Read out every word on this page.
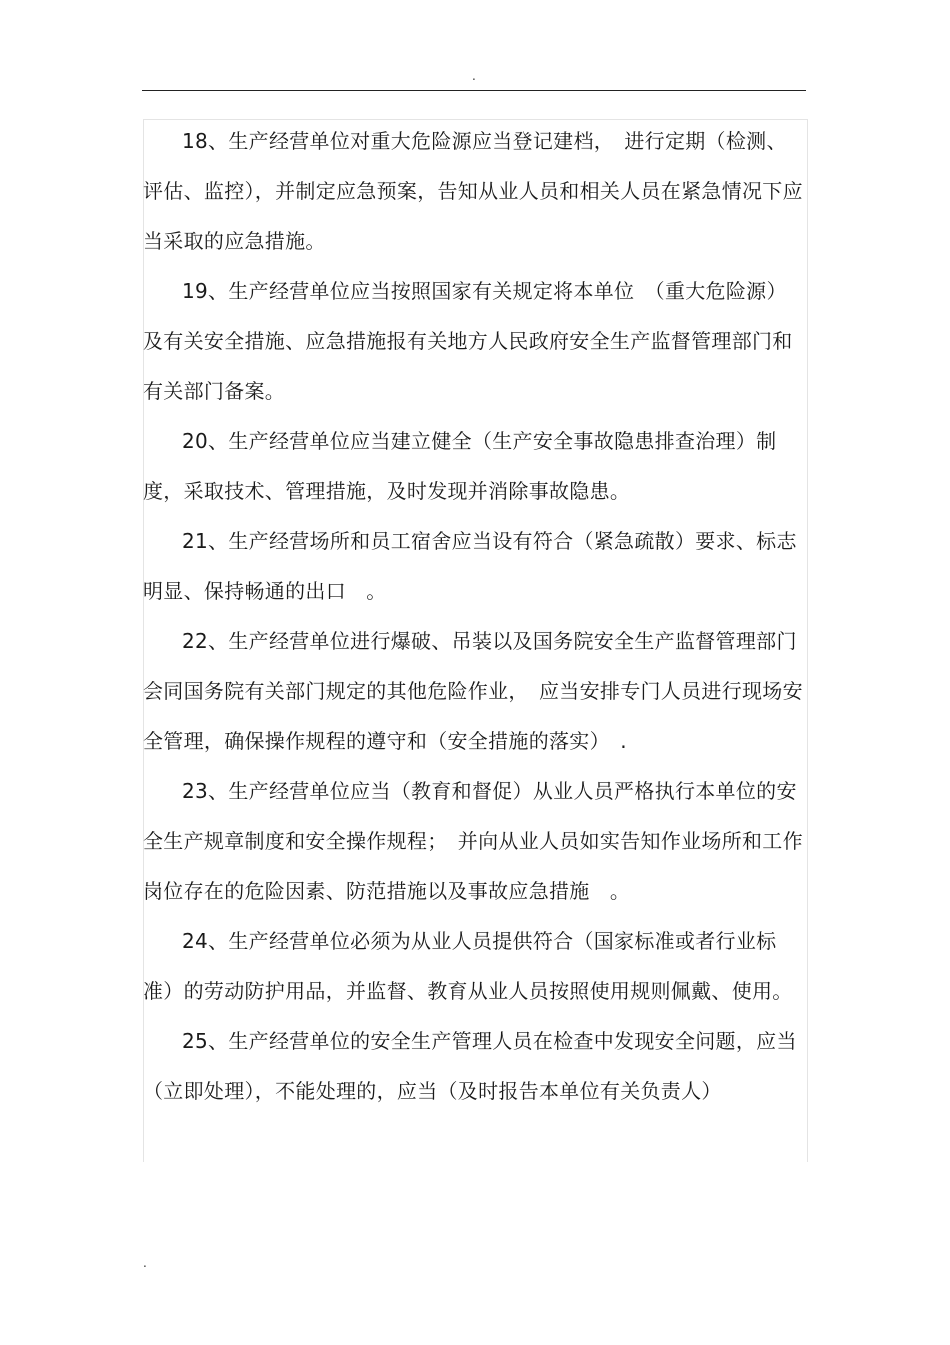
.

18、生产经营单位对重大危险源应当登记建档，　进行定期（检测、评估、监控），并制定应急预案，告知从业人员和相关人员在紧急情况下应当采取的应急措施。

19、生产经营单位应当按照国家有关规定将本单位　（重大危险源）及有关安全措施、应急措施报有关地方人民政府安全生产监督管理部门和有关部门备案。

20、生产经营单位应当建立健全（生产安全事故隐患排查治理）制度，采取技术、管理措施，及时发现并消除事故隐患。

21、生产经营场所和员工宿舍应当设有符合（紧急疏散）要求、标志明显、保持畅通的出口　。

22、生产经营单位进行爆破、吊装以及国务院安全生产监督管理部门会同国务院有关部门规定的其他危险作业，　应当安排专门人员进行现场安全管理，确保操作规程的遵守和（安全措施的落实）　.

23、生产经营单位应当（教育和督促）从业人员严格执行本单位的安全生产规章制度和安全操作规程；　并向从业人员如实告知作业场所和工作岗位存在的危险因素、防范措施以及事故应急措施　。

24、生产经营单位必须为从业人员提供符合（国家标准或者行业标准）的劳动防护用品，并监督、教育从业人员按照使用规则佩戴、使用。

25、生产经营单位的安全生产管理人员在检查中发现安全问题，应当（立即处理），不能处理的，应当（及时报告本单位有关负责人）

.
